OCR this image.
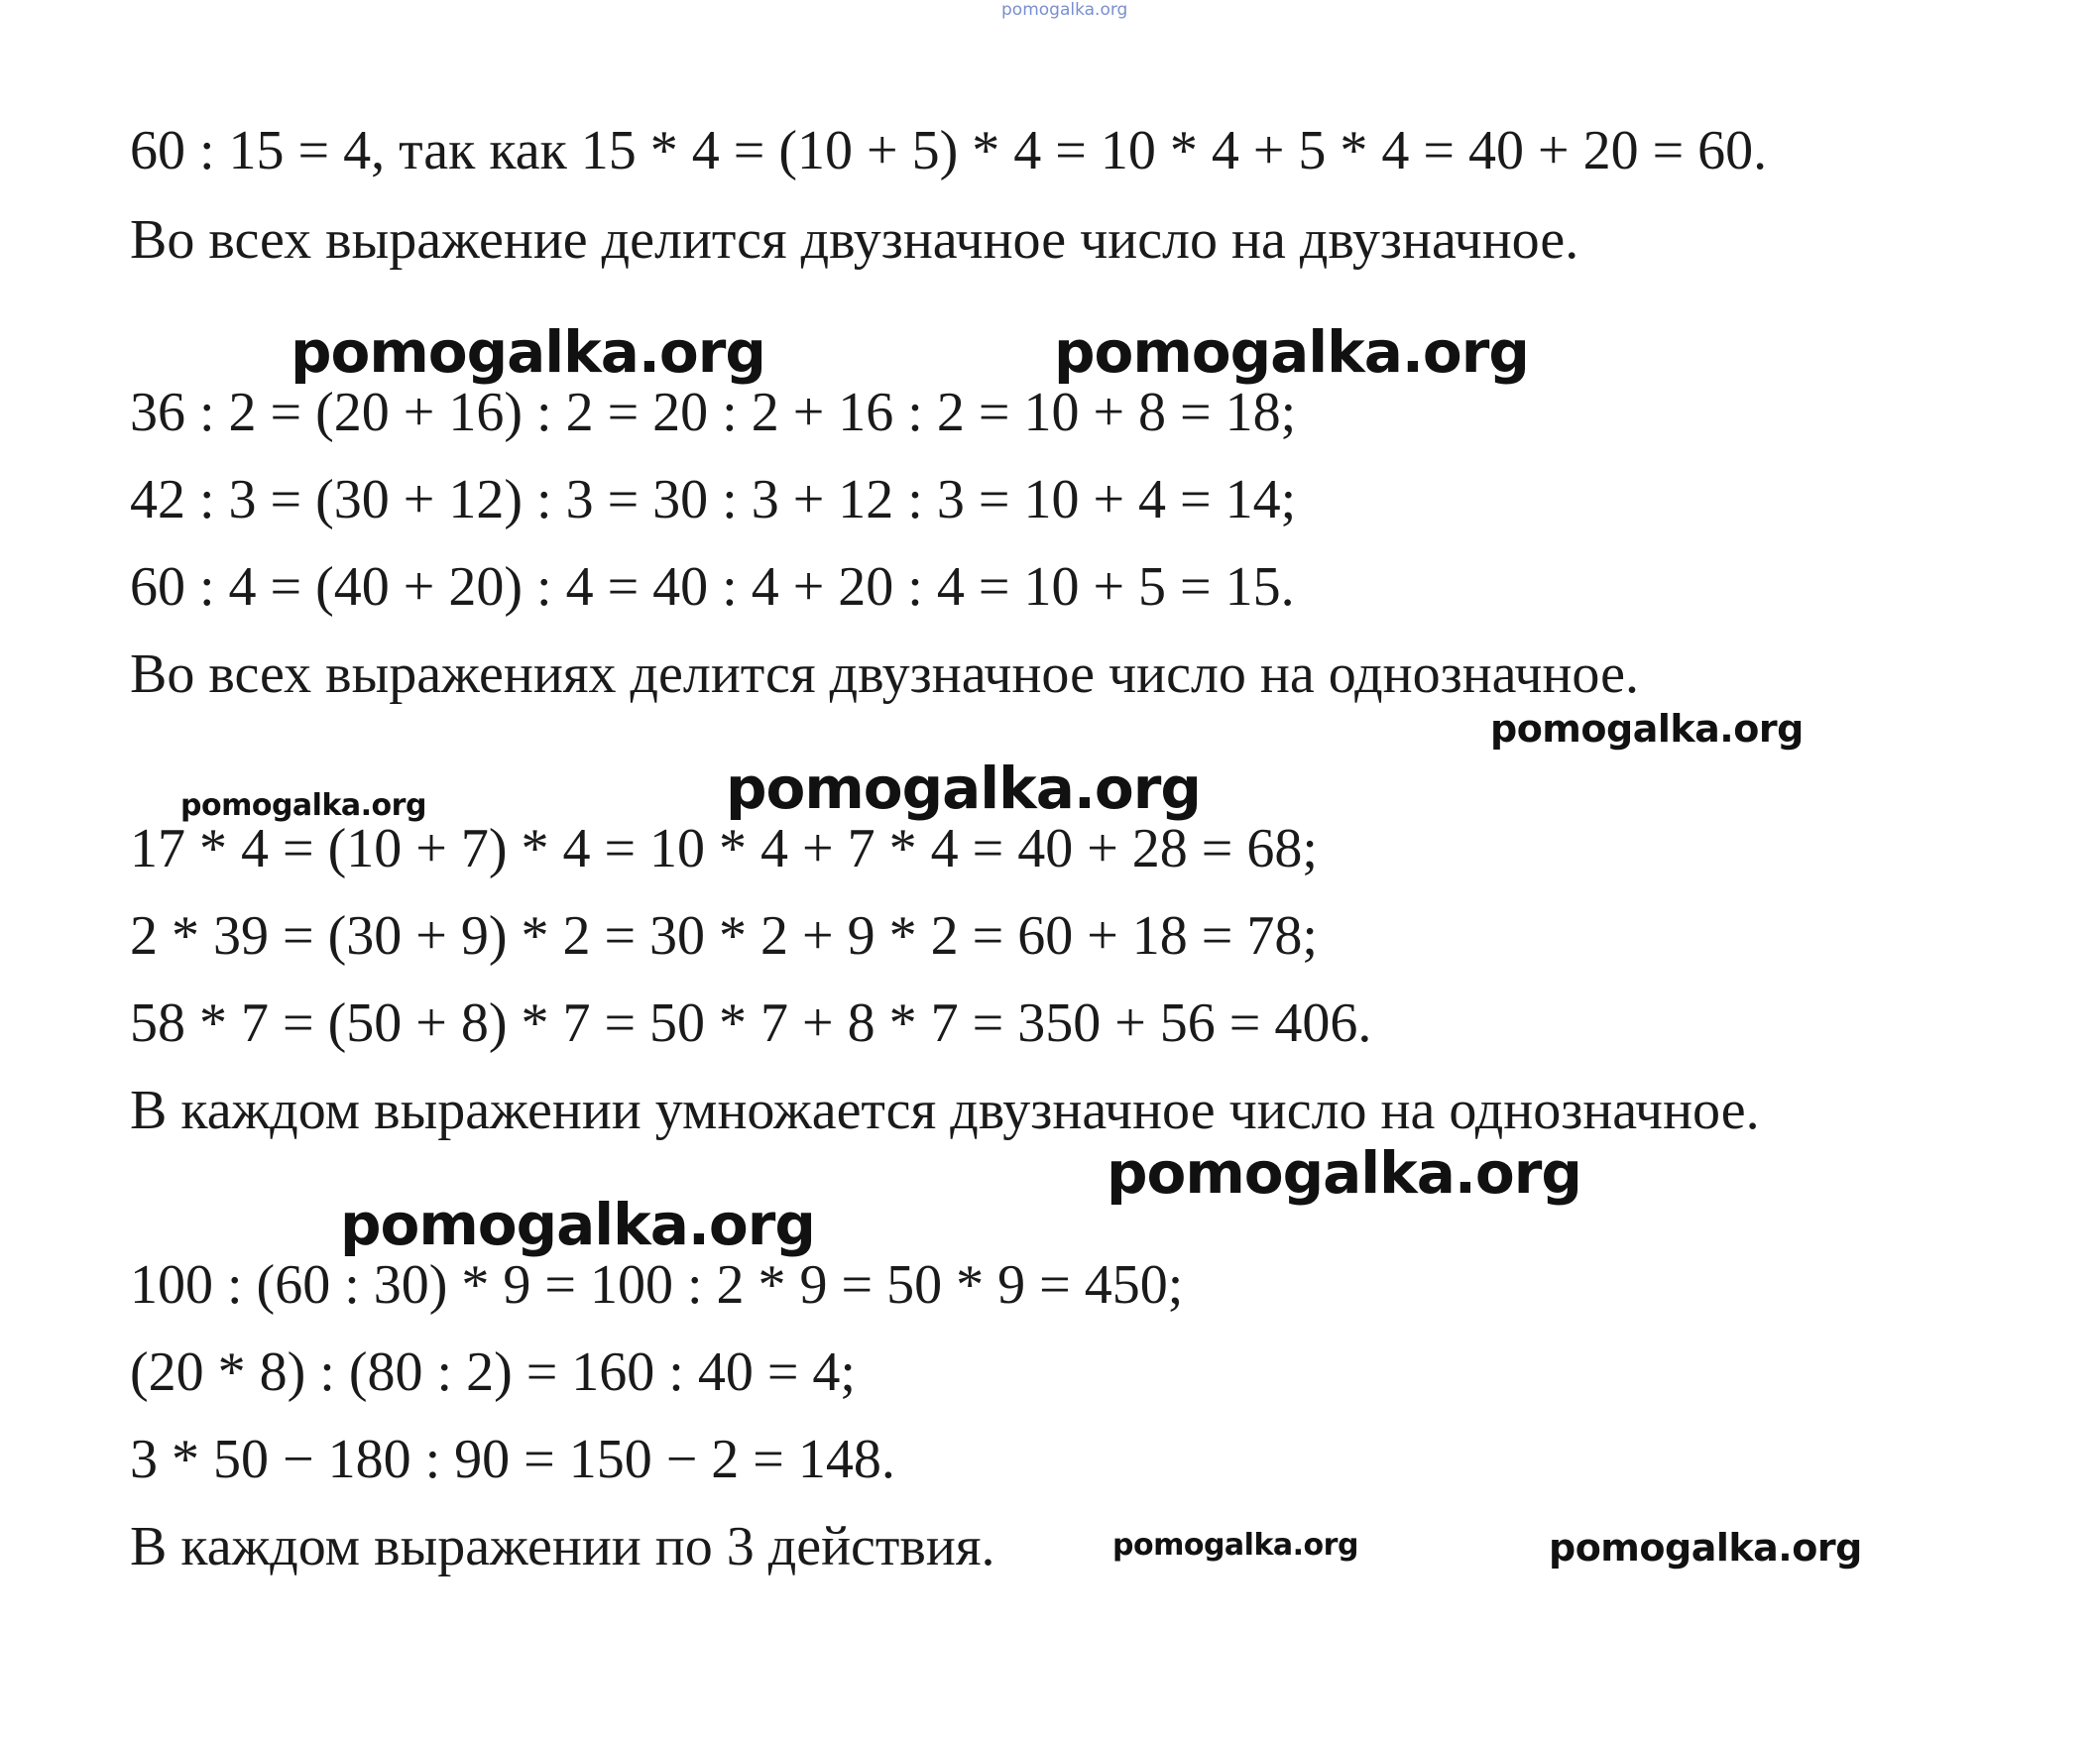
pomogalka.org
60 : 15 = 4, так как 15 * 4 = (10 + 5) * 4 = 10 * 4 + 5 * 4 = 40 + 20 = 60.
Во всех выражение делится двузначное число на двузначное.
36 : 2 = (20 + 16) : 2 = 20 : 2 + 16 : 2 = 10 + 8 = 18;
42 : 3 = (30 + 12) : 3 = 30 : 3 + 12 : 3 = 10 + 4 = 14;
60 : 4 = (40 + 20) : 4 = 40 : 4 + 20 : 4 = 10 + 5 = 15.
Во всех выражениях делится двузначное число на однозначное.
17 * 4 = (10 + 7) * 4 = 10 * 4 + 7 * 4 = 40 + 28 = 68;
2 * 39 = (30 + 9) * 2 = 30 * 2 + 9 * 2 = 60 + 18 = 78;
58 * 7 = (50 + 8) * 7 = 50 * 7 + 8 * 7 = 350 + 56 = 406.
В каждом выражении умножается двузначное число на однозначное.
100 : (60 : 30) * 9 = 100 : 2 * 9 = 50 * 9 = 450;
(20 * 8) : (80 : 2) = 160 : 40 = 4;
3 * 50 − 180 : 90 = 150 − 2 = 148.
В каждом выражении по 3 действия.
pomogalka.org	pomogalka.org
pomogalka.org
pomogalka.org
pomogalka.org
pomogalka.org
pomogalka.org
pomogalka.org	pomogalka.org
